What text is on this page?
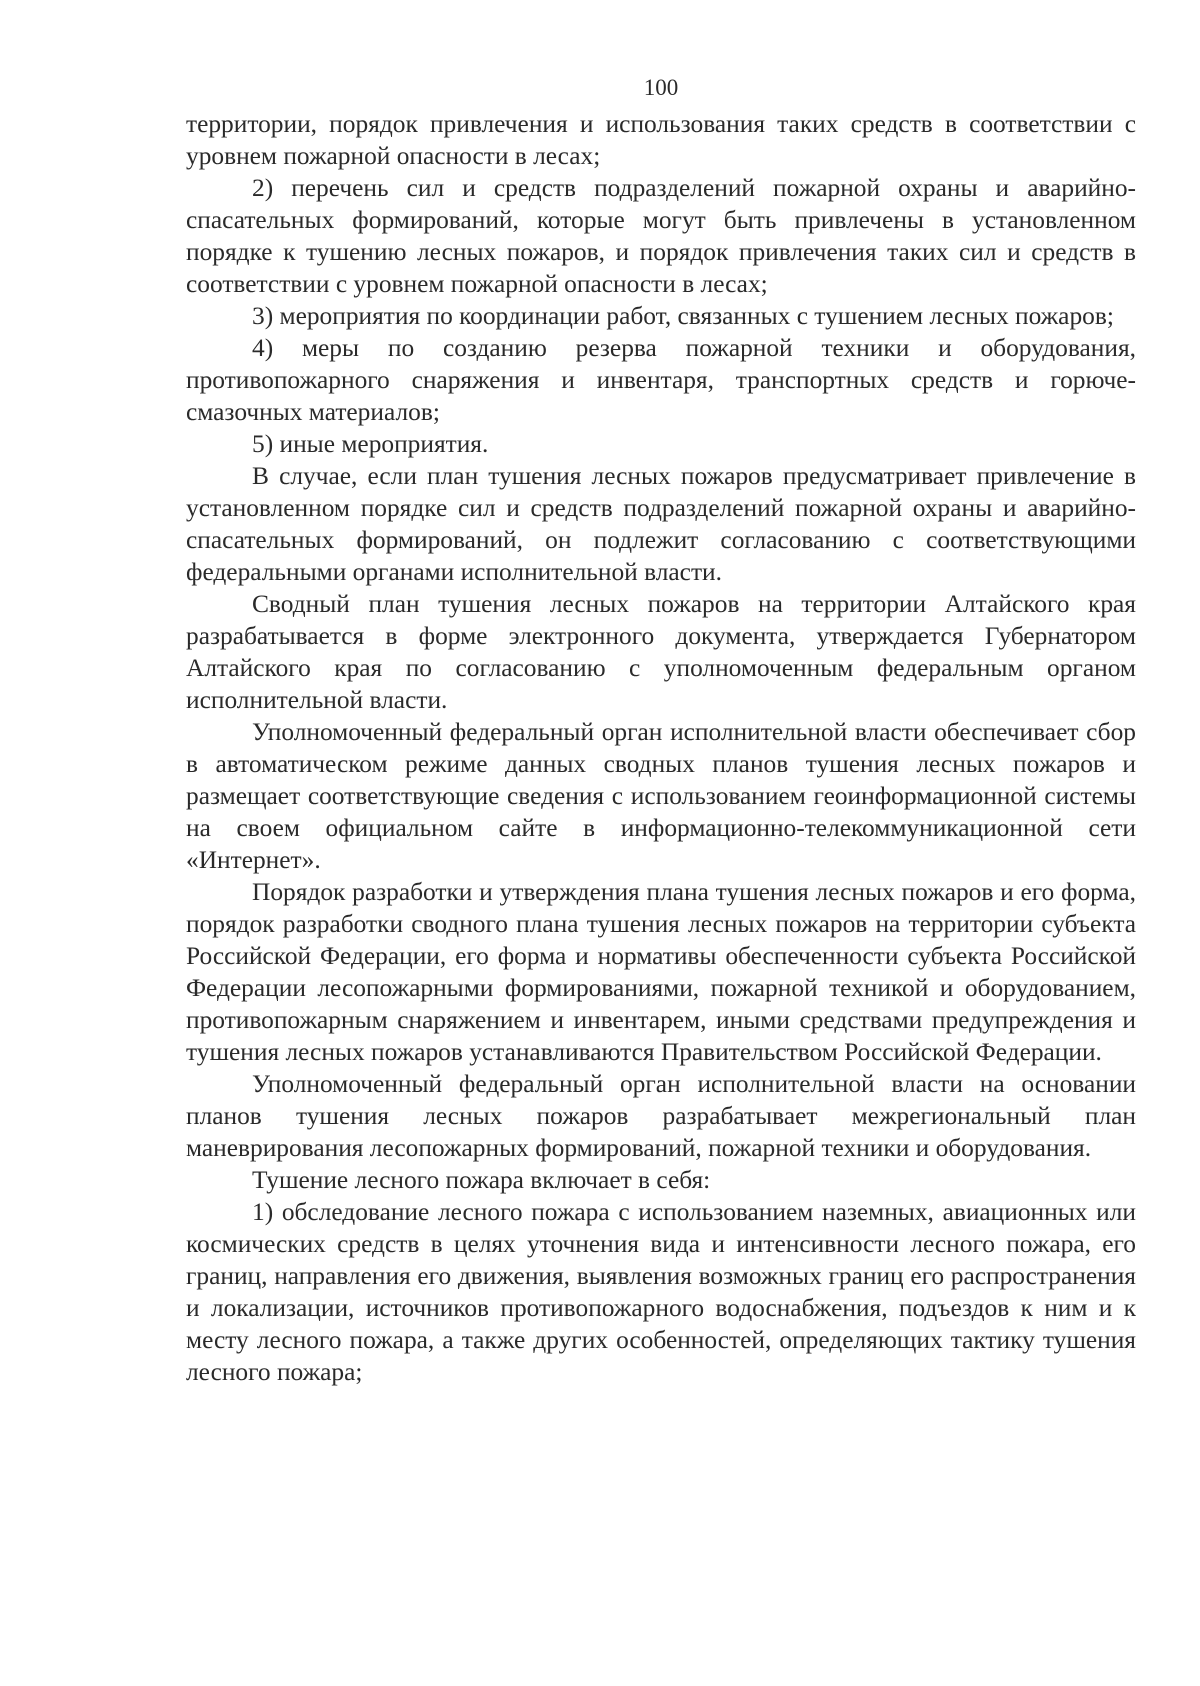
100

территории, порядок привлечения и использования таких средств в соответствии с уровнем пожарной опасности в лесах;

2) перечень сил и средств подразделений пожарной охраны и аварийно-спасательных формирований, которые могут быть привлечены в установленном порядке к тушению лесных пожаров, и порядок привлечения таких сил и средств в соответствии с уровнем пожарной опасности в лесах;

3) мероприятия по координации работ, связанных с тушением лесных пожаров;

4) меры по созданию резерва пожарной техники и оборудования, противопожарного снаряжения и инвентаря, транспортных средств и горюче-смазочных материалов;

5) иные мероприятия.

В случае, если план тушения лесных пожаров предусматривает привлечение в установленном порядке сил и средств подразделений пожарной охраны и аварийно-спасательных формирований, он подлежит согласованию с соответствующими федеральными органами исполнительной власти.

Сводный план тушения лесных пожаров на территории Алтайского края разрабатывается в форме электронного документа, утверждается Губернатором Алтайского края по согласованию с уполномоченным федеральным органом исполнительной власти.

Уполномоченный федеральный орган исполнительной власти обеспечивает сбор в автоматическом режиме данных сводных планов тушения лесных пожаров и размещает соответствующие сведения с использованием геоинформационной системы на своем официальном сайте в информационно-телекоммуникационной сети «Интернет».

Порядок разработки и утверждения плана тушения лесных пожаров и его форма, порядок разработки сводного плана тушения лесных пожаров на территории субъекта Российской Федерации, его форма и нормативы обеспеченности субъекта Российской Федерации лесопожарными формированиями, пожарной техникой и оборудованием, противопожарным снаряжением и инвентарем, иными средствами предупреждения и тушения лесных пожаров устанавливаются Правительством Российской Федерации.

Уполномоченный федеральный орган исполнительной власти на основании планов тушения лесных пожаров разрабатывает межрегиональный план маневрирования лесопожарных формирований, пожарной техники и оборудования.

Тушение лесного пожара включает в себя:

1) обследование лесного пожара с использованием наземных, авиационных или космических средств в целях уточнения вида и интенсивности лесного пожара, его границ, направления его движения, выявления возможных границ его распространения и локализации, источников противопожарного водоснабжения, подъездов к ним и к месту лесного пожара, а также других особенностей, определяющих тактику тушения лесного пожара;
